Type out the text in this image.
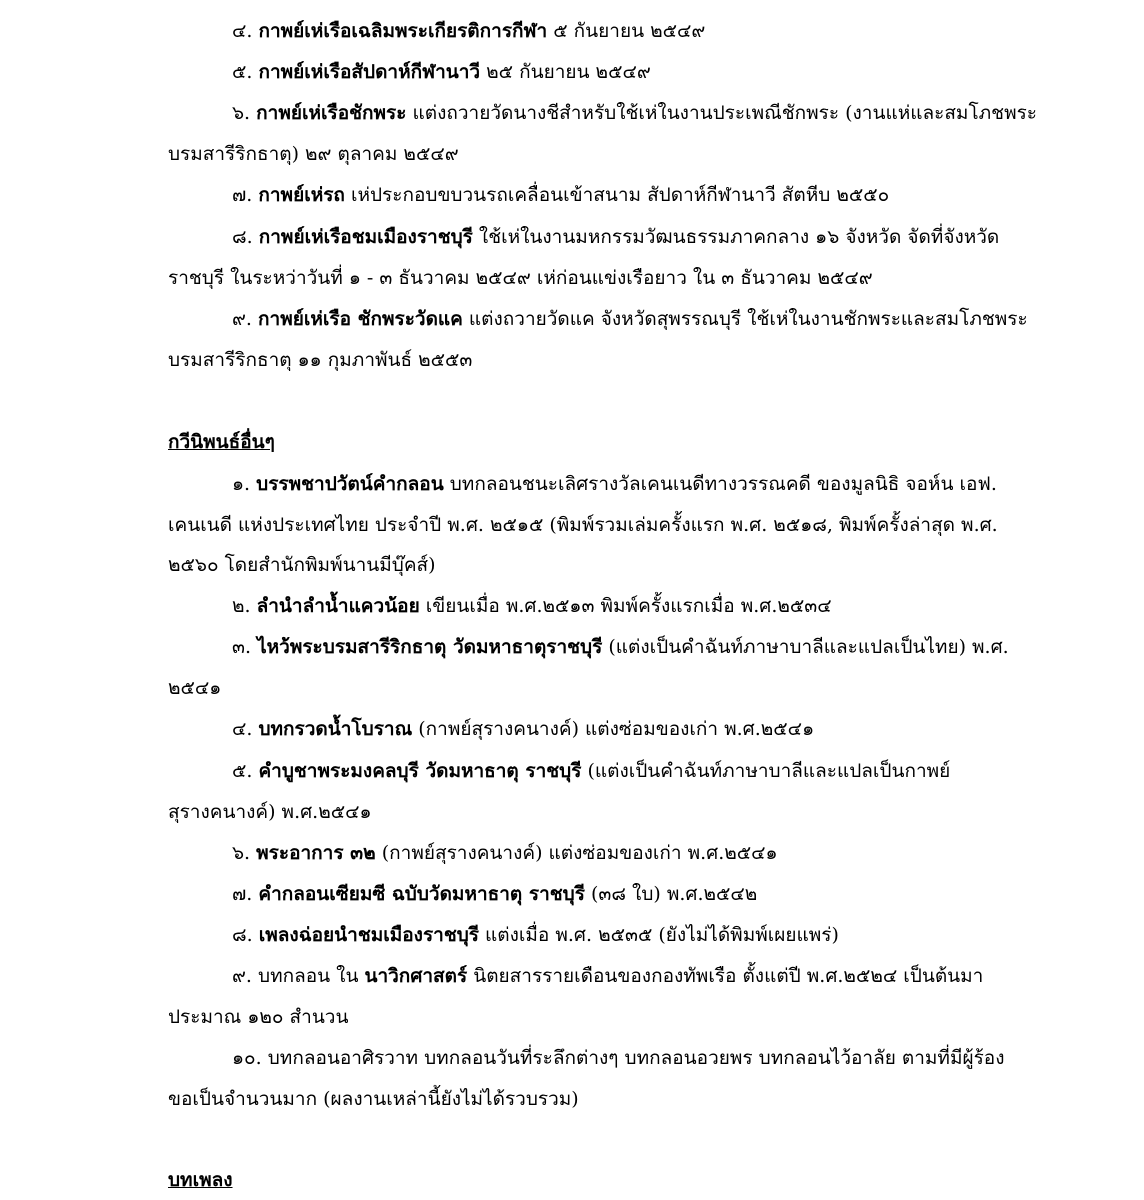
๔. กาพย์เห่เรือเฉลิมพระเกียรติการกีฬา ๕ กันยายน ๒๕๔๙
๕. กาพย์เห่เรือสัปดาห์กีฬานาวี ๒๕ กันยายน ๒๕๔๙
๖. กาพย์เห่เรือชักพระ แต่งถวายวัดนางชีสำหรับใช้เห่ในงานประเพณีชักพระ (งานแห่และสมโภชพระ
บรมสารีริกธาตุ) ๒๙ ตุลาคม ๒๕๔๙
๗. กาพย์เห่รถ เห่ประกอบขบวนรถเคลื่อนเข้าสนาม สัปดาห์กีฬานาวี สัตหีบ ๒๕๕๐
๘. กาพย์เห่เรือชมเมืองราชบุรี ใช้เห่ในงานมหกรรมวัฒนธรรมภาคกลาง ๑๖ จังหวัด จัดที่จังหวัด
ราชบุรี ในระหว่าวันที่ ๑ - ๓ ธันวาคม ๒๕๔๙ เห่ก่อนแข่งเรือยาว ใน ๓ ธันวาคม ๒๕๔๙
๙. กาพย์เห่เรือ ชักพระวัดแค แต่งถวายวัดแค จังหวัดสุพรรณบุรี ใช้เห่ในงานชักพระและสมโภชพระ
บรมสารีริกธาตุ ๑๑ กุมภาพันธ์ ๒๕๕๓
กวีนิพนธ์อื่นๆ
๑. บรรพชาปวัตน์คำกลอน บทกลอนชนะเลิศรางวัลเคนเนดีทางวรรณคดี ของมูลนิธิ จอห์น เอฟ.
เคนเนดี แห่งประเทศไทย ประจำปี พ.ศ. ๒๕๑๕ (พิมพ์รวมเล่มครั้งแรก พ.ศ. ๒๕๑๘, พิมพ์ครั้งล่าสุด พ.ศ.
๒๕๖๐ โดยสำนักพิมพ์นานมีบุ๊คส์)
๒. ลำนำลำน้ำแควน้อย เขียนเมื่อ พ.ศ.๒๕๑๓ พิมพ์ครั้งแรกเมื่อ พ.ศ.๒๕๓๔
๓. ไหว้พระบรมสารีริกธาตุ วัดมหาธาตุราชบุรี (แต่งเป็นคำฉันท์ภาษาบาลีและแปลเป็นไทย) พ.ศ.
๒๕๔๑
๔. บทกรวดน้ำโบราณ (กาพย์สุรางคนางค์) แต่งซ่อมของเก่า พ.ศ.๒๕๔๑
๕. คำบูชาพระมงคลบุรี วัดมหาธาตุ ราชบุรี (แต่งเป็นคำฉันท์ภาษาบาลีและแปลเป็นกาพย์
สุรางคนางค์) พ.ศ.๒๕๔๑
๖. พระอาการ ๓๒ (กาพย์สุรางคนางค์) แต่งซ่อมของเก่า พ.ศ.๒๕๔๑
๗. คำกลอนเซียมซี ฉบับวัดมหาธาตุ ราชบุรี (๓๘ ใบ) พ.ศ.๒๕๔๒
๘. เพลงฉ่อยนำชมเมืองราชบุรี แต่งเมื่อ พ.ศ. ๒๕๓๕ (ยังไม่ได้พิมพ์เผยแพร่)
๙. บทกลอน ใน นาวิกศาสตร์ นิตยสารรายเดือนของกองทัพเรือ ตั้งแต่ปี พ.ศ.๒๕๒๔ เป็นต้นมา
ประมาณ ๑๒๐ สำนวน
๑๐. บทกลอนอาศิรวาท บทกลอนวันที่ระลึกต่างๆ บทกลอนอวยพร บทกลอนไว้อาลัย ตามที่มีผู้ร้อง
ขอเป็นจำนวนมาก (ผลงานเหล่านี้ยังไม่ได้รวบรวม)
บทเพลง
